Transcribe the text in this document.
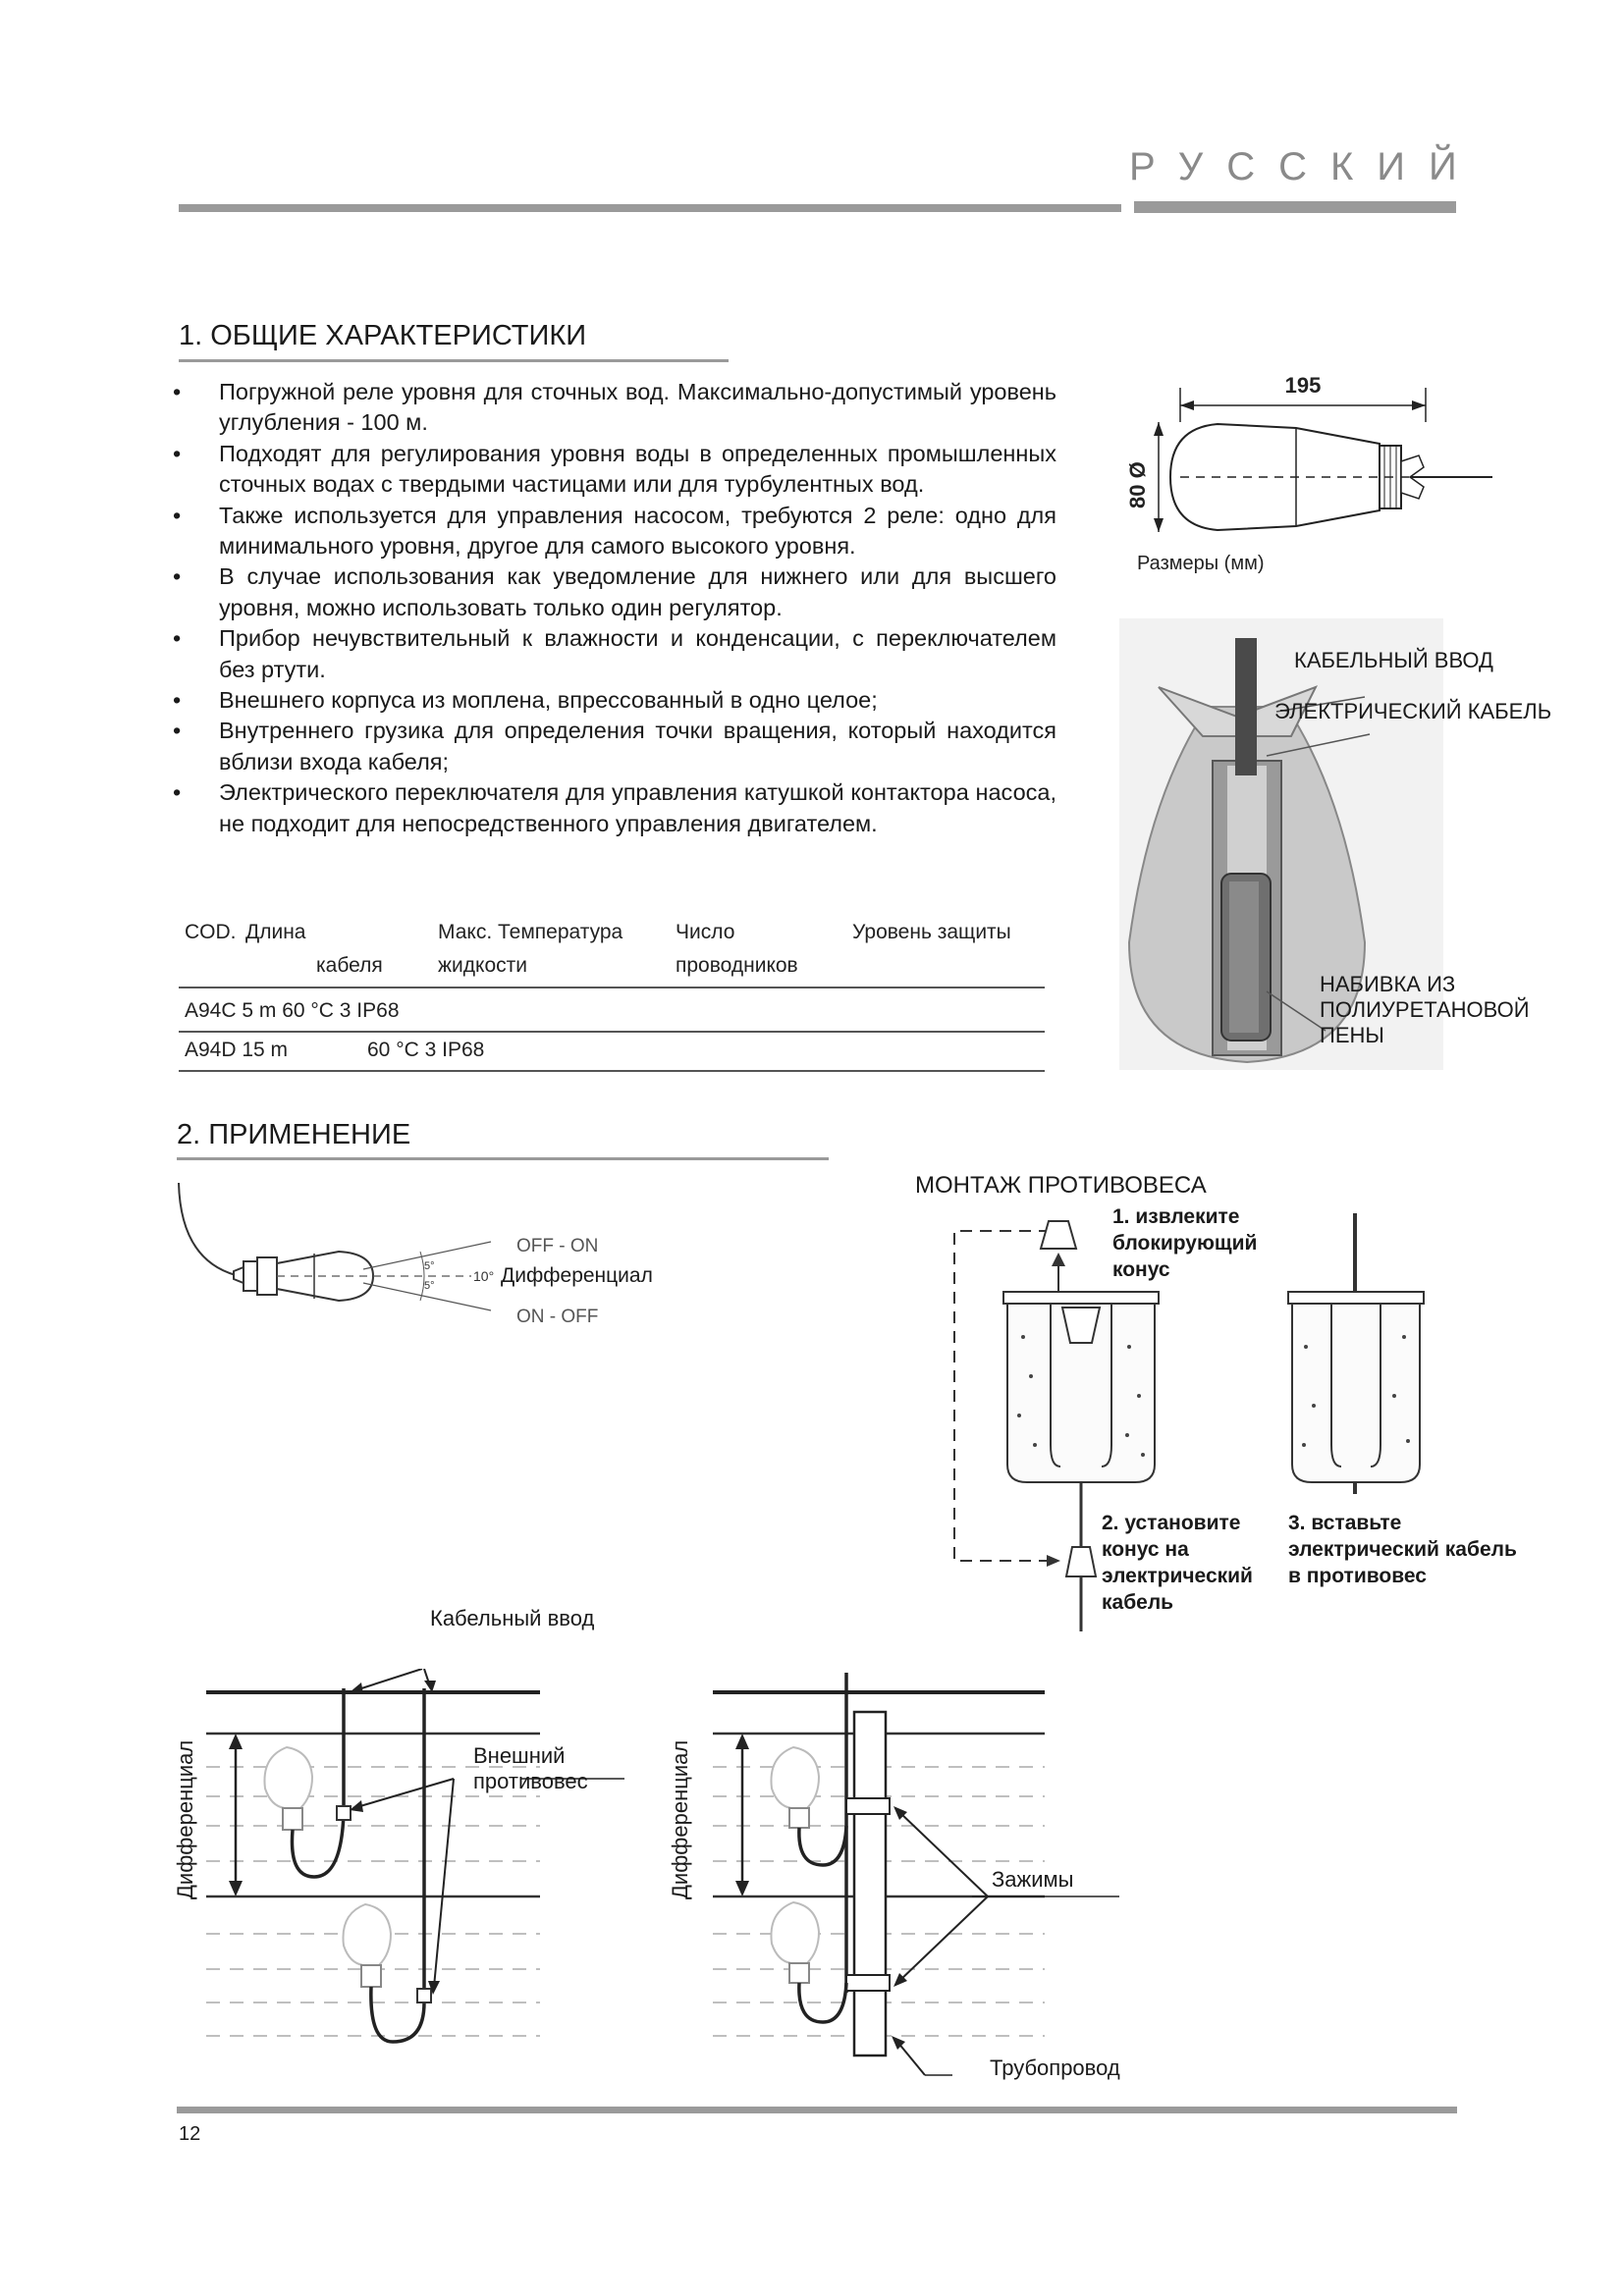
РУССКИЙ
1. ОБЩИЕ ХАРАКТЕРИСТИКИ
• Погружной реле уровня для сточных вод. Максимально-допустимый уровень углубления - 100 м.
• Подходят для регулирования уровня воды в определенных промышленных сточных водах с твердыми частицами или для турбулентных вод.
• Также используется для управления насосом, требуются 2 реле: одно для минимального уровня, другое для самого высокого уровня.
• В случае использования как уведомление для нижнего или для высшего уровня, можно использовать только один регулятор.
• Прибор нечувствительный к влажности и конденсации, с переключателем без ртути.
• Внешнего корпуса из моплена, впрессованный в одно целое;
• Внутреннего грузика для определения точки вращения, который находится вблизи входа кабеля;
• Электрического переключателя для управления катушкой контактора насоса, не подходит для непосредственного управления двигателем.
COD. Длина
кабеля
Макс. Температура
жидкости
Число
проводников
Уровень защиты
A94C 5 m 60 °C 3 IP68
A94D 15 m	60 °C 3 IP68
195
80 Ø
Размеры (мм)
КАБЕЛЬНЫЙ ВВОД
ЭЛЕКТРИЧЕСКИЙ КАБЕЛЬ
НАБИВКА ИЗ
ПОЛИУРЕТАНОВОЙ
ПЕНЫ
2. ПРИМЕНЕНИЕ
5°
5°
10°
OFF - ON
ON - OFF
Дифференциал
МОНТАЖ ПРОТИВОВЕСА
1. извлеките
блокирующий
конус
2. установите
конус на
электрический
кабель
3. вставьте
электрический кабель
в противовес
Кабельный ввод
Внешний
противовес
Дифференциал	Зажимы
Трубопровод
Дифференциал
12
